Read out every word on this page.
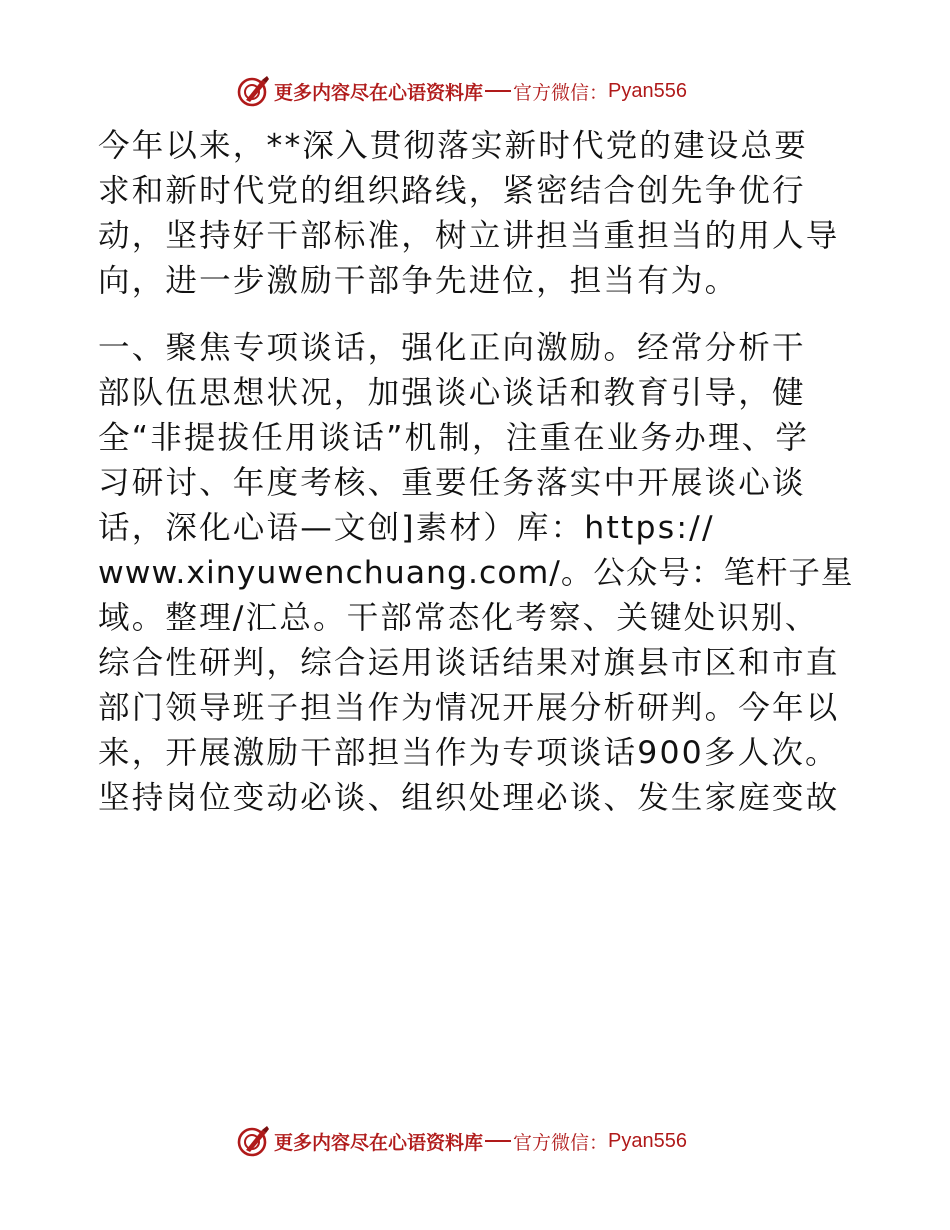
更多内容尽在心语资料库 官方微信： Pyan556
今年以来，**深入贯彻落实新时代党的建设总要
求和新时代党的组织路线，紧密结合创先争优行
动，坚持好干部标准，树立讲担当重担当的用人导
向，进一步激励干部争先进位，担当有为。
一、聚焦专项谈话，强化正向激励。经常分析干
部队伍思想状况，加强谈心谈话和教育引导，健
全“非提拔任用谈话”机制，注重在业务办理、学
习研讨、年度考核、重要任务落实中开展谈心谈
话，深化心语—文创]素材）库：https://
www.xinyuwenchuang.com/。公众号：笔杆子星
域。整理/汇总。干部常态化考察、关键处识别、
综合性研判，综合运用谈话结果对旗县市区和市直
部门领导班子担当作为情况开展分析研判。今年以
来，开展激励干部担当作为专项谈话900多人次。
坚持岗位变动必谈、组织处理必谈、发生家庭变故
更多内容尽在心语资料库 官方微信： Pyan556
